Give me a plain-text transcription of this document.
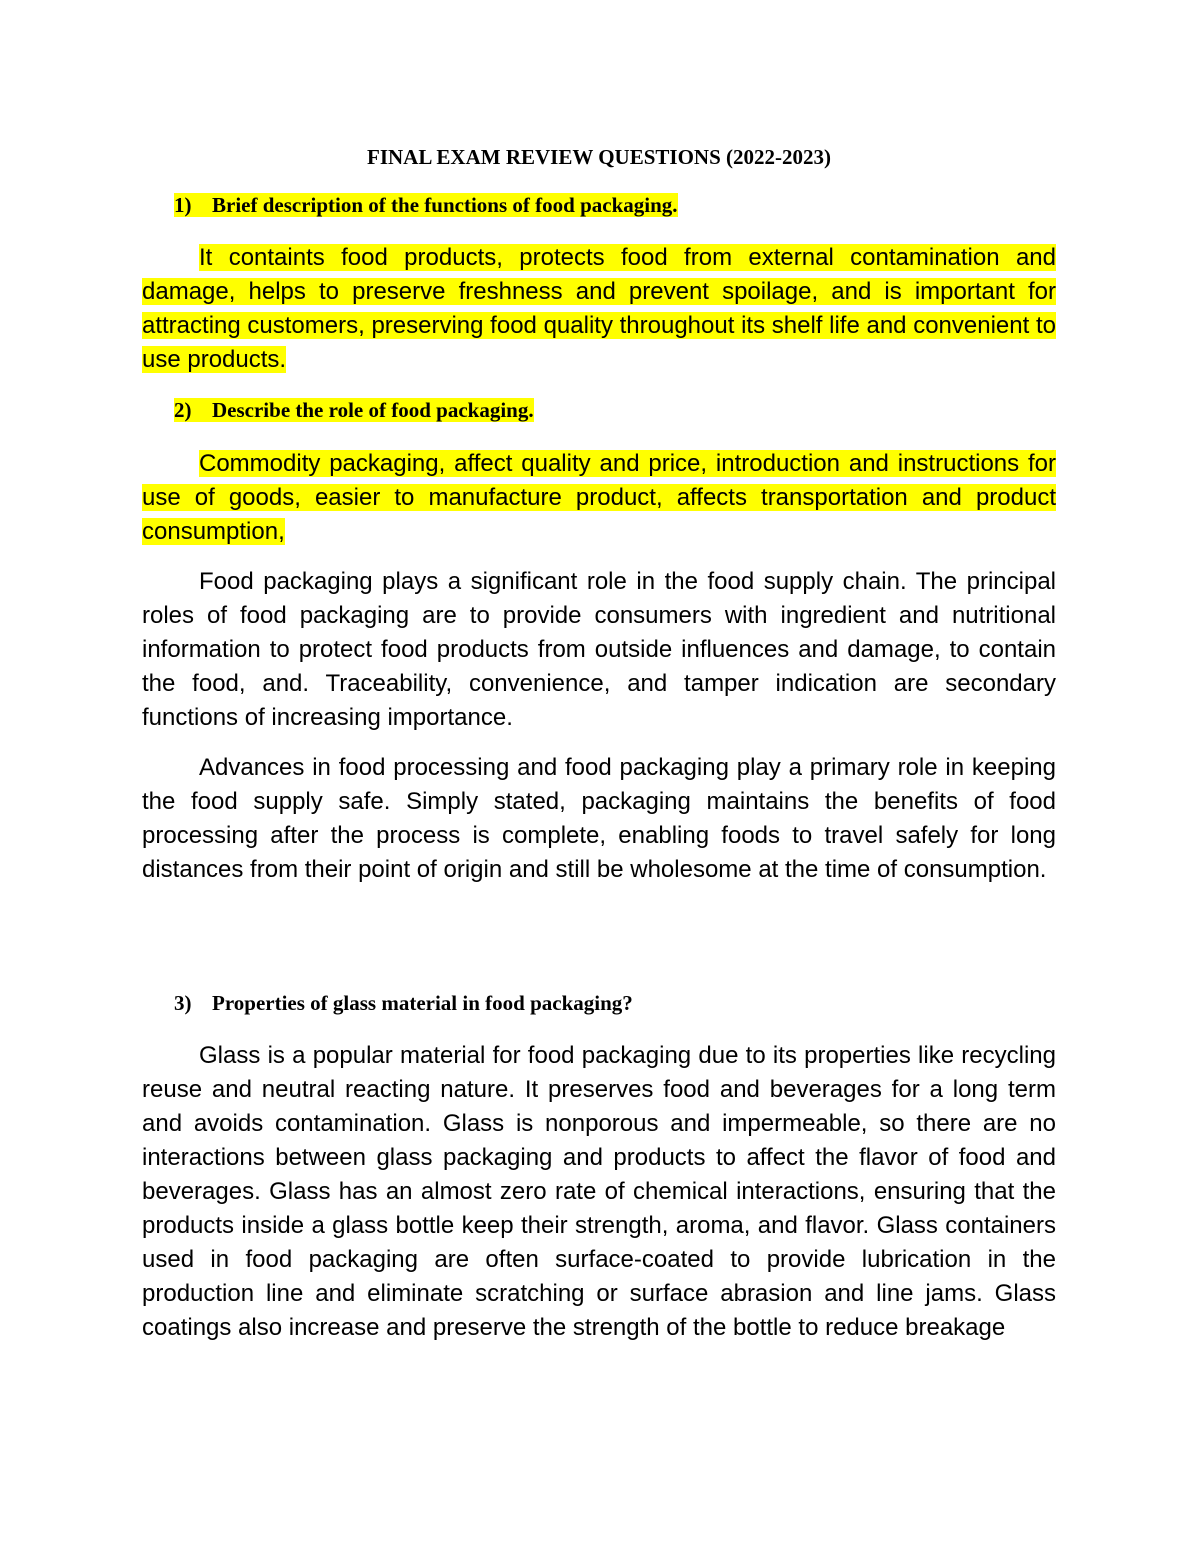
FINAL EXAM REVIEW QUESTIONS (2022-2023)
1) Brief description of the functions of food packaging.

It containts food products, protects food from external contamination and damage, helps to preserve freshness and prevent spoilage, and is important for attracting customers, preserving food quality throughout its shelf life and convenient to use products.

2) Describe the role of food packaging.

Commodity packaging, affect quality and price, introduction and instructions for use of goods, easier to manufacture product, affects transportation and product consumption,

Food packaging plays a significant role in the food supply chain. The principal roles of food packaging are to provide consumers with ingredient and nutritional information to protect food products from outside influences and damage, to contain the food, and. Traceability, convenience, and tamper indication are secondary functions of increasing importance.

Advances in food processing and food packaging play a primary role in keeping the food supply safe. Simply stated, packaging maintains the benefits of food processing after the process is complete, enabling foods to travel safely for long distances from their point of origin and still be wholesome at the time of consumption.

3) Properties of glass material in food packaging?

Glass is a popular material for food packaging due to its properties like recycling reuse and neutral reacting nature. It preserves food and beverages for a long term and avoids contamination. Glass is nonporous and impermeable, so there are no interactions between glass packaging and products to affect the flavor of food and beverages. Glass has an almost zero rate of chemical interactions, ensuring that the products inside a glass bottle keep their strength, aroma, and flavor. Glass containers used in food packaging are often surface-coated to provide lubrication in the production line and eliminate scratching or surface abrasion and line jams. Glass coatings also increase and preserve the strength of the bottle to reduce breakage
